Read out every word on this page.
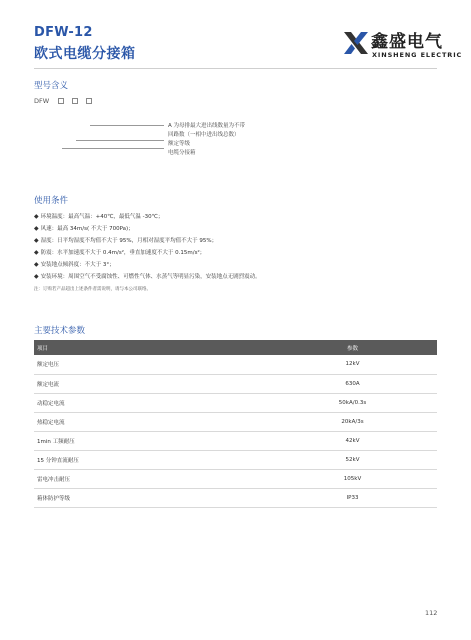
DFW-12
欧式电缆分接箱
鑫盛电气
XINSHENG ELECTRIC
型号含义
DFW
A 为母排最大进出线数量为不带
回路数（一相中进出线总数）
额定等级
电缆分接箱
使用条件
◆ 环境温度：最高气温：+40℃，最低气温 -30℃；
◆ 风速：最高 34m/s( 不大于 700Pa)；
◆ 湿度：日平均湿度不均值不大于 95%，月相对湿度平均值不大于 95%；
◆ 防震：水平加速度不大于 0.4m/s²，垂直加速度不大于 0.15m/s²；
◆ 安装地点倾斜度：不大于 3°；
◆ 安装环境：周围空气不受腐蚀性、可燃性气体、水蒸气等明显污染，安装地点无剧烈震动。
注：订购若产品超出上述条件者需说明，请与本公司联络。
主要技术参数
项目	参数
额定电压	12kV
额定电流	630A
动稳定电流	50kA/0.3s
热稳定电流	20kA/3s
1min 工频耐压	42kV
15 分钟直流耐压	52kV
雷电冲击耐压	105kV
箱体防护等级	IP33
112
